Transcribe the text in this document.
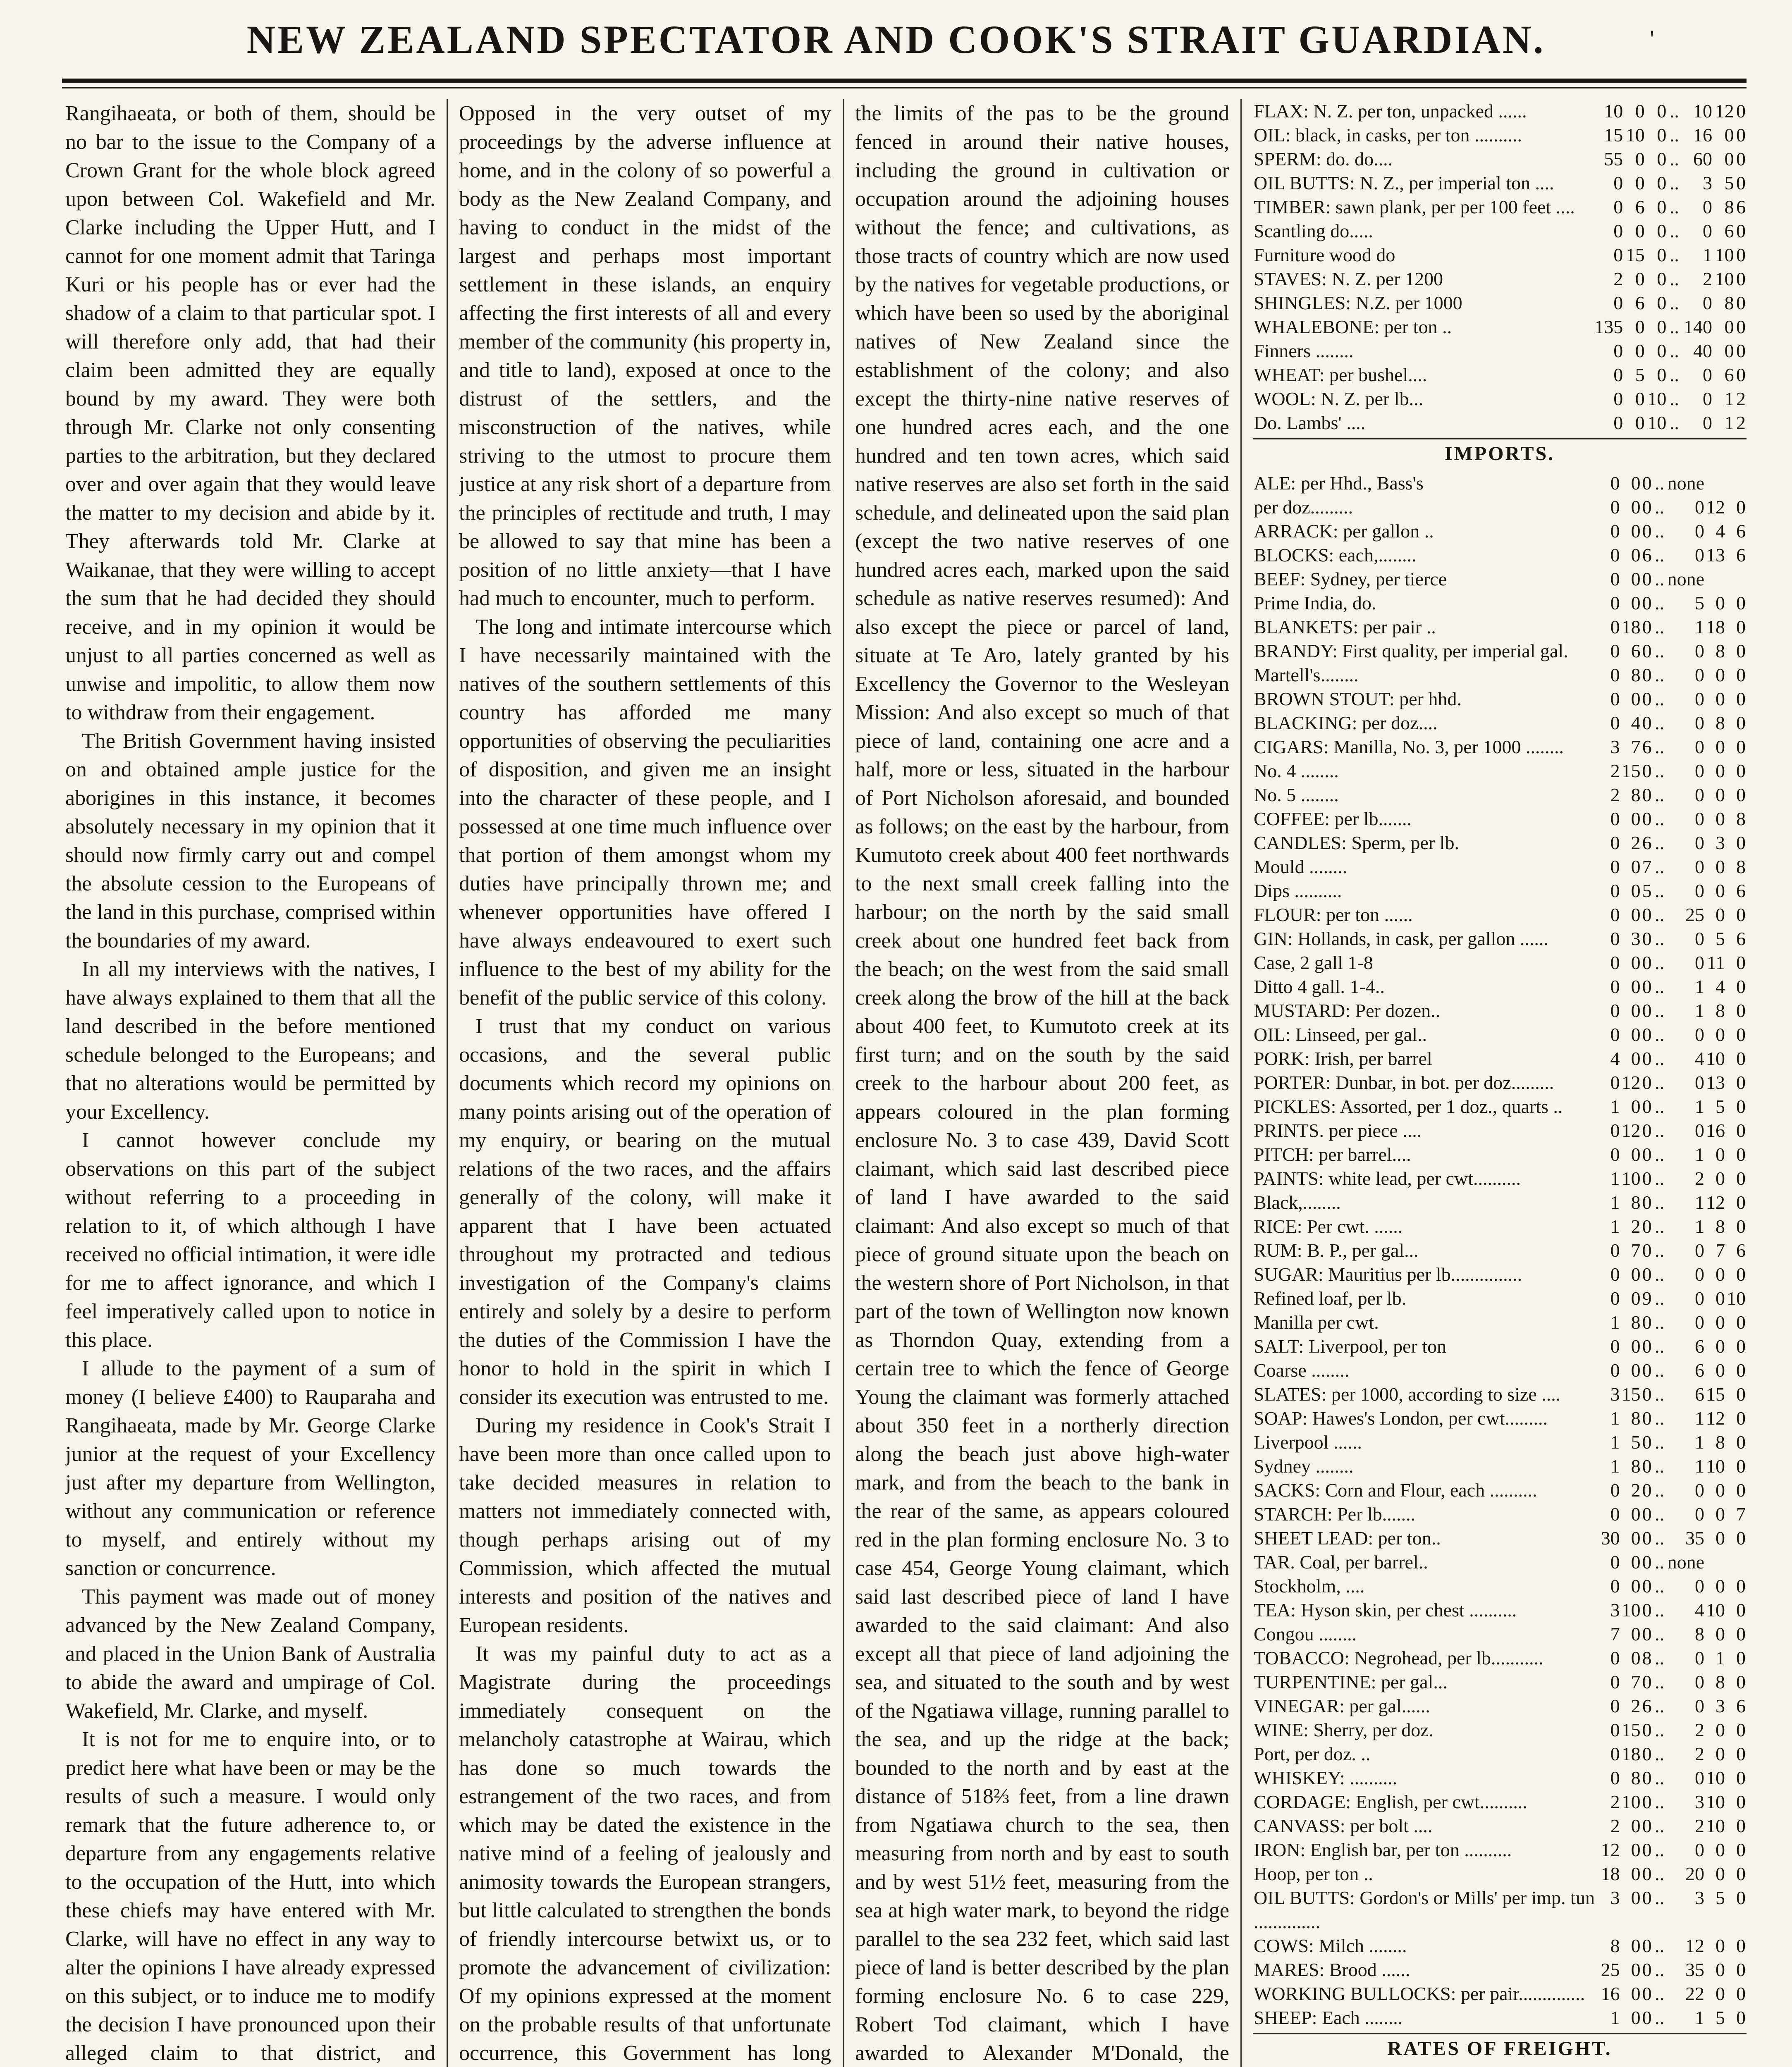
NEW ZEALAND SPECTATOR AND COOK'S STRAIT GUARDIAN.	'

Rangihaeata, or both of them, should be no bar to the issue to the Company of a Crown Grant for the whole block agreed upon between Col. Wakefield and Mr. Clarke including the Upper Hutt, and I cannot for one moment admit that Taringa Kuri or his people has or ever had the shadow of a claim to that particular spot. I will therefore only add, that had their claim been admitted they are equally bound by my award. They were both through Mr. Clarke not only consenting parties to the arbitration, but they declared over and over again that they would leave the matter to my decision and abide by it. They afterwards told Mr. Clarke at Waikanae, that they were willing to accept the sum that he had decided they should receive, and in my opinion it would be unjust to all parties concerned as well as unwise and impolitic, to allow them now to withdraw from their engagement.

The British Government having insisted on and obtained ample justice for the aborigines in this instance, it becomes absolutely necessary in my opinion that it should now firmly carry out and compel the absolute cession to the Europeans of the land in this purchase, comprised within the boundaries of my award.

In all my interviews with the natives, I have always explained to them that all the land described in the before mentioned schedule belonged to the Europeans; and that no alterations would be permitted by your Excellency.

I cannot however conclude my observations on this part of the subject without referring to a proceeding in relation to it, of which although I have received no official intimation, it were idle for me to affect ignorance, and which I feel imperatively called upon to notice in this place.

I allude to the payment of a sum of money (I believe £400) to Rauparaha and Rangihaeata, made by Mr. George Clarke junior at the request of your Excellency just after my departure from Wellington, without any communication or reference to myself, and entirely without my sanction or concurrence.

This payment was made out of money advanced by the New Zealand Company, and placed in the Union Bank of Australia to abide the award and umpirage of Col. Wakefield, Mr. Clarke, and myself.

It is not for me to enquire into, or to predict here what have been or may be the results of such a measure. I would only remark that the future adherence to, or departure from any engagements relative to the occupation of the Hutt, into which these chiefs may have entered with Mr. Clarke, will have no effect in any way to alter the opinions I have already expressed on this subject, or to induce me to modify the decision I have pronounced upon their alleged claim to that district, and

Opposed in the very outset of my proceedings by the adverse influence at home, and in the colony of so powerful a body as the New Zealand Company, and having to conduct in the midst of the largest and perhaps most important settlement in these islands, an enquiry affecting the first interests of all and every member of the community (his property in, and title to land), exposed at once to the distrust of the settlers, and the misconstruction of the natives, while striving to the utmost to procure them justice at any risk short of a departure from the principles of rectitude and truth, I may be allowed to say that mine has been a position of no little anxiety—that I have had much to encounter, much to perform.

The long and intimate intercourse which I have necessarily maintained with the natives of the southern settlements of this country has afforded me many opportunities of observing the peculiarities of disposition, and given me an insight into the character of these people, and I possessed at one time much influence over that portion of them amongst whom my duties have principally thrown me; and whenever opportunities have offered I have always endeavoured to exert such influence to the best of my ability for the benefit of the public service of this colony.

I trust that my conduct on various occasions, and the several public documents which record my opinions on many points arising out of the operation of my enquiry, or bearing on the mutual relations of the two races, and the affairs generally of the colony, will make it apparent that I have been actuated throughout my protracted and tedious investigation of the Company's claims entirely and solely by a desire to perform the duties of the Commission I have the honor to hold in the spirit in which I consider its execution was entrusted to me.

During my residence in Cook's Strait I have been more than once called upon to take decided measures in relation to matters not immediately connected with, though perhaps arising out of my Commission, which affected the mutual interests and position of the natives and European residents.

It was my painful duty to act as a Magistrate during the proceedings immediately consequent on the melancholy catastrophe at Wairau, which has done so much towards the estrangement of the two races, and from which may be dated the existence in the native mind of a feeling of jealously and animosity towards the European strangers, but little calculated to strengthen the bonds of friendly intercourse betwixt us, or to promote the advancement of civilization: Of my opinions expressed at the moment on the probable results of that unfortunate occurrence, this Government has long

the limits of the pas to be the ground fenced in around their native houses, including the ground in cultivation or occupation around the adjoining houses without the fence; and cultivations, as those tracts of country which are now used by the natives for vegetable productions, or which have been so used by the aboriginal natives of New Zealand since the establishment of the colony; and also except the thirty-nine native reserves of one hundred acres each, and the one hundred and ten town acres, which said native reserves are also set forth in the said schedule, and delineated upon the said plan (except the two native reserves of one hundred acres each, marked upon the said schedule as native reserves resumed): And also except the piece or parcel of land, situate at Te Aro, lately granted by his Excellency the Governor to the Wesleyan Mission: And also except so much of that piece of land, containing one acre and a half, more or less, situated in the harbour of Port Nicholson aforesaid, and bounded as follows; on the east by the harbour, from Kumutoto creek about 400 feet northwards to the next small creek falling into the harbour; on the north by the said small creek about one hundred feet back from the beach; on the west from the said small creek along the brow of the hill at the back about 400 feet, to Kumutoto creek at its first turn; and on the south by the said creek to the harbour about 200 feet, as appears coloured in the plan forming enclosure No. 3 to case 439, David Scott claimant, which said last described piece of land I have awarded to the said claimant: And also except so much of that piece of ground situate upon the beach on the western shore of Port Nicholson, in that part of the town of Wellington now known as Thorndon Quay, extending from a certain tree to which the fence of George Young the claimant was formerly attached about 350 feet in a northerly direction along the beach just above high-water mark, and from the beach to the bank in the rear of the same, as appears coloured red in the plan forming enclosure No. 3 to case 454, George Young claimant, which said last described piece of land I have awarded to the said claimant: And also except all that piece of land adjoining the sea, and situated to the south and by west of the Ngatiawa village, running parallel to the sea, and up the ridge at the back; bounded to the north and by east at the distance of 518⅔ feet, from a line drawn from Ngatiawa church to the sea, then measuring from north and by east to south and by west 51½ feet, measuring from the sea at high water mark, to beyond the ridge parallel to the sea 232 feet, which said last piece of land is better described by the plan forming enclosure No. 6 to case 229, Robert Tod claimant, which I have awarded to Alexander M'Donald, the

FLAX: N. Z. per ton, unpacked ......	10	0	0	..	10	12	0
OIL: black, in casks, per ton ..........	15	10	0	..	16	0	0
SPERM: do. do....	55	0	0	..	60	0	0
OIL BUTTS: N. Z., per imperial ton ....	0	0	0	..	3	5	0
TIMBER: sawn plank, per per 100 feet ....	0	6	0	..	0	8	6
Scantling do.....	0	0	0	..	0	6	0
Furniture wood do	0	15	0	..	1	10	0
STAVES: N. Z. per 1200	2	0	0	..	2	10	0
SHINGLES: N.Z. per 1000	0	6	0	..	0	8	0
WHALEBONE: per ton ..	135	0	0	..	140	0	0
Finners ........	0	0	0	..	40	0	0
WHEAT: per bushel....	0	5	0	..	0	6	0
WOOL: N. Z. per lb...	0	0	10	..	0	1	2
Do. Lambs' ....	0	0	10	..	0	1	2
IMPORTS.
ALE: per Hhd., Bass's	0	0	0	..	none		
per doz.........	0	0	0	..	0	12	0
ARRACK: per gallon ..	0	0	0	..	0	4	6
BLOCKS: each,........	0	0	6	..	0	13	6
BEEF: Sydney, per tierce	0	0	0	..	none		
Prime India, do.	0	0	0	..	5	0	0
BLANKETS: per pair ..	0	18	0	..	1	18	0
BRANDY: First quality, per imperial gal.	0	6	0	..	0	8	0
Martell's........	0	8	0	..	0	0	0
BROWN STOUT: per hhd.	0	0	0	..	0	0	0
BLACKING: per doz....	0	4	0	..	0	8	0
CIGARS: Manilla, No. 3, per 1000 ........	3	7	6	..	0	0	0
No. 4 ........	2	15	0	..	0	0	0
No. 5 ........	2	8	0	..	0	0	0
COFFEE: per lb.......	0	0	0	..	0	0	8
CANDLES: Sperm, per lb.	0	2	6	..	0	3	0
Mould ........	0	0	7	..	0	0	8
Dips ..........	0	0	5	..	0	0	6
FLOUR: per ton ......	0	0	0	..	25	0	0
GIN: Hollands, in cask, per gallon ......	0	3	0	..	0	5	6
Case, 2 gall 1-8	0	0	0	..	0	11	0
Ditto 4 gall. 1-4..	0	0	0	..	1	4	0
MUSTARD: Per dozen..	0	0	0	..	1	8	0
OIL: Linseed, per gal..	0	0	0	..	0	0	0
PORK: Irish, per barrel	4	0	0	..	4	10	0
PORTER: Dunbar, in bot. per doz.........	0	12	0	..	0	13	0
PICKLES: Assorted, per 1 doz., quarts ..	1	0	0	..	1	5	0
PRINTS. per piece ....	0	12	0	..	0	16	0
PITCH: per barrel....	0	0	0	..	1	0	0
PAINTS: white lead, per cwt..........	1	10	0	..	2	0	0
Black,........	1	8	0	..	1	12	0
RICE: Per cwt. ......	1	2	0	..	1	8	0
RUM: B. P., per gal...	0	7	0	..	0	7	6
SUGAR: Mauritius per lb...............	0	0	0	..	0	0	0
Refined loaf, per lb.	0	0	9	..	0	0	10
Manilla per cwt.	1	8	0	..	0	0	0
SALT: Liverpool, per ton	0	0	0	..	6	0	0
Coarse ........	0	0	0	..	6	0	0
SLATES: per 1000, according to size ....	3	15	0	..	6	15	0
SOAP: Hawes's London, per cwt.........	1	8	0	..	1	12	0
Liverpool ......	1	5	0	..	1	8	0
Sydney ........	1	8	0	..	1	10	0
SACKS: Corn and Flour, each ..........	0	2	0	..	0	0	0
STARCH: Per lb.......	0	0	0	..	0	0	7
SHEET LEAD: per ton..	30	0	0	..	35	0	0
TAR. Coal, per barrel..	0	0	0	..	none		
Stockholm, ....	0	0	0	..	0	0	0
TEA: Hyson skin, per chest ..........	3	10	0	..	4	10	0
Congou ........	7	0	0	..	8	0	0
TOBACCO: Negrohead, per lb...........	0	0	8	..	0	1	0
TURPENTINE: per gal...	0	7	0	..	0	8	0
VINEGAR: per gal......	0	2	6	..	0	3	6
WINE: Sherry, per doz.	0	15	0	..	2	0	0
Port, per doz. ..	0	18	0	..	2	0	0
WHISKEY: ..........	0	8	0	..	0	10	0
CORDAGE: English, per cwt..........	2	10	0	..	3	10	0
CANVASS: per bolt ....	2	0	0	..	2	10	0
IRON: English bar, per ton ..........	12	0	0	..	0	0	0
Hoop, per ton ..	18	0	0	..	20	0	0
OIL BUTTS: Gordon's or Mills' per imp. tun ..............	3	0	0	..	3	5	0
COWS: Milch ........	8	0	0	..	12	0	0
MARES: Brood ......	25	0	0	..	35	0	0
WORKING BULLOCKS: per pair..............	16	0	0	..	22	0	0
SHEEP: Each ........	1	0	0	..	1	5	0
RATES OF FREIGHT.
